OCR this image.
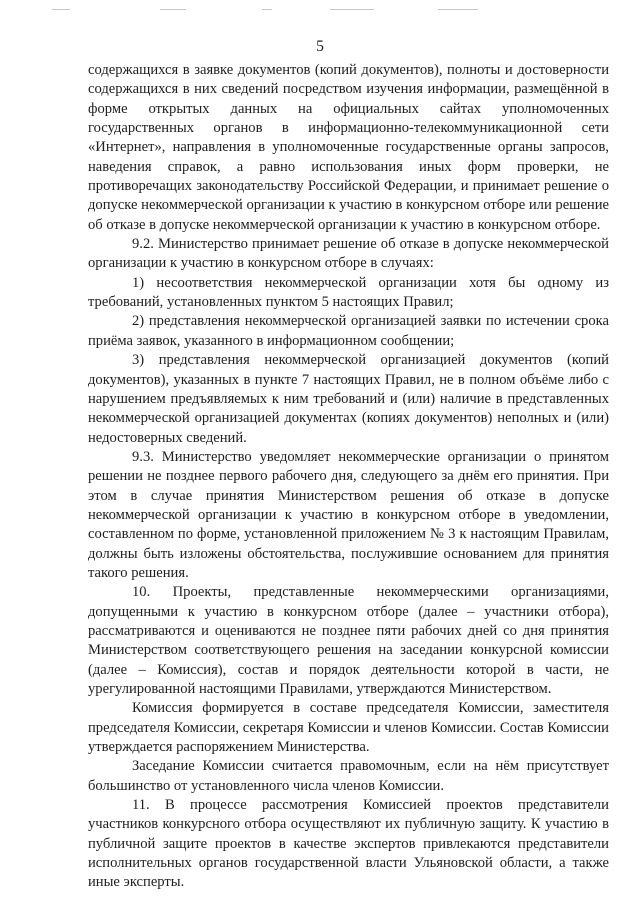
5

содержащихся в заявке документов (копий документов), полноты и достоверности содержащихся в них сведений посредством изучения информации, размещённой в форме открытых данных на официальных сайтах уполномоченных государственных органов в информационно-телекоммуникационной сети «Интернет», направления в уполномоченные государственные органы запросов, наведения справок, а равно использования иных форм проверки, не противоречащих законодательству Российской Федерации, и принимает решение о допуске некоммерческой организации к участию в конкурсном отборе или решение об отказе в допуске некоммерческой организации к участию в конкурсном отборе.

9.2. Министерство принимает решение об отказе в допуске некоммерческой организации к участию в конкурсном отборе в случаях:

1) несоответствия некоммерческой организации хотя бы одному из требований, установленных пунктом 5 настоящих Правил;

2) представления некоммерческой организацией заявки по истечении срока приёма заявок, указанного в информационном сообщении;

3) представления некоммерческой организацией документов (копий документов), указанных в пункте 7 настоящих Правил, не в полном объёме либо с нарушением предъявляемых к ним требований и (или) наличие в представленных некоммерческой организацией документах (копиях документов) неполных и (или) недостоверных сведений.

9.3. Министерство уведомляет некоммерческие организации о принятом решении не позднее первого рабочего дня, следующего за днём его принятия. При этом в случае принятия Министерством решения об отказе в допуске некоммерческой организации к участию в конкурсном отборе в уведомлении, составленном по форме, установленной приложением № 3 к настоящим Правилам, должны быть изложены обстоятельства, послужившие основанием для принятия такого решения.

10. Проекты, представленные некоммерческими организациями, допущенными к участию в конкурсном отборе (далее – участники отбора), рассматриваются и оцениваются не позднее пяти рабочих дней со дня принятия Министерством соответствующего решения на заседании конкурсной комиссии (далее – Комиссия), состав и порядок деятельности которой в части, не урегулированной настоящими Правилами, утверждаются Министерством.

Комиссия формируется в составе председателя Комиссии, заместителя председателя Комиссии, секретаря Комиссии и членов Комиссии. Состав Комиссии утверждается распоряжением Министерства.

Заседание Комиссии считается правомочным, если на нём присутствует большинство от установленного числа членов Комиссии.

11. В процессе рассмотрения Комиссией проектов представители участников конкурсного отбора осуществляют их публичную защиту. К участию в публичной защите проектов в качестве экспертов привлекаются представители исполнительных органов государственной власти Ульяновской области, а также иные эксперты.
